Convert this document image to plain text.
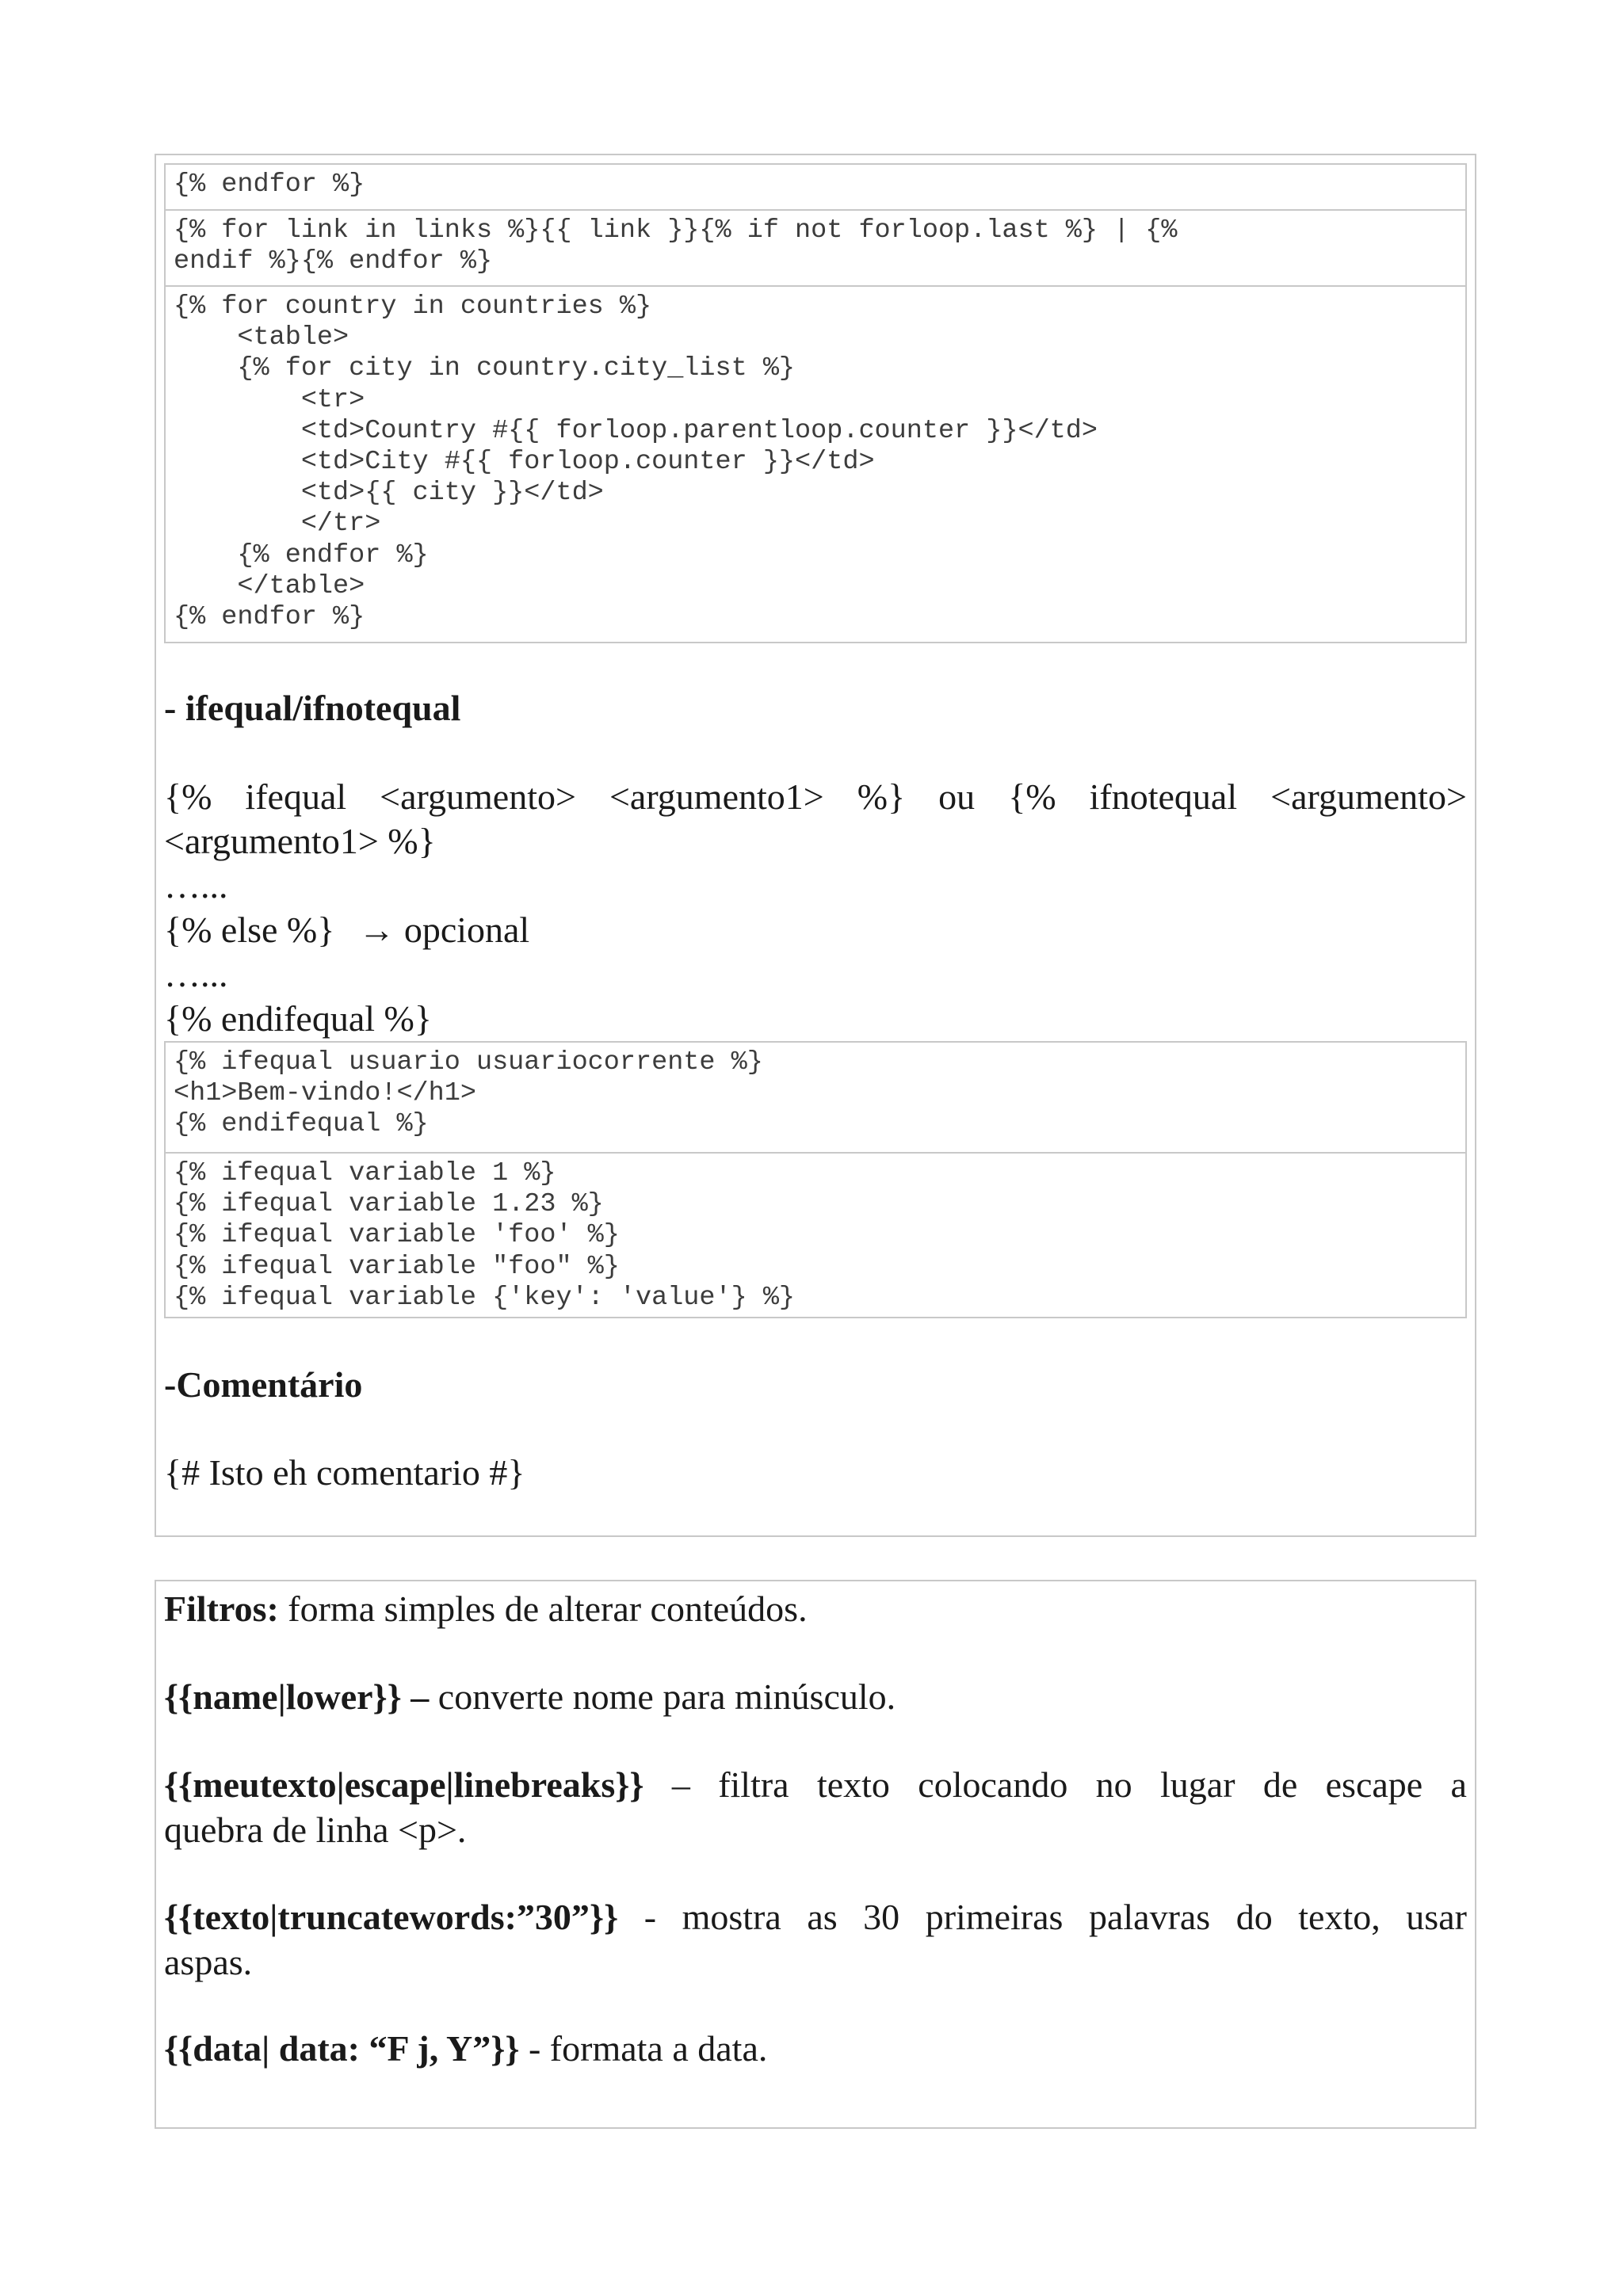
{% endfor %}
{% for link in links %}{{ link }}{% if not forloop.last %} | {%
endif %}{% endfor %}
{% for country in countries %}
<table>
{% for city in country.city_list %}
<tr>
<td>Country #{{ forloop.parentloop.counter }}</td>
<td>City #{{ forloop.counter }}</td>
<td>{{ city }}</td>
</tr>
{% endfor %}
</table>
{% endfor %}

- ifequal/ifnotequal

{% ifequal <argumento> <argumento1> %} ou {% ifnotequal <argumento>

<argumento1> %}

…...

{% else %} → opcional

…...

{% endifequal %}

{% ifequal usuario usuariocorrente %}
<h1>Bem-vindo!</h1>
{% endifequal %}
{% ifequal variable 1 %}
{% ifequal variable 1.23 %}
{% ifequal variable 'foo' %}
{% ifequal variable "foo" %}
{% ifequal variable {'key': 'value'} %}

-Comentário

{# Isto eh comentario #}

Filtros: forma simples de alterar conteúdos.

{{name|lower}} – converte nome para minúsculo.

{{meutexto|escape|linebreaks}} – filtra texto colocando no lugar de escape a
quebra de linha <p>.
{{texto|truncatewords:”30”}} - mostra as 30 primeiras palavras do texto, usar
aspas.

{{data| data: “F j, Y”}} - formata a data.
